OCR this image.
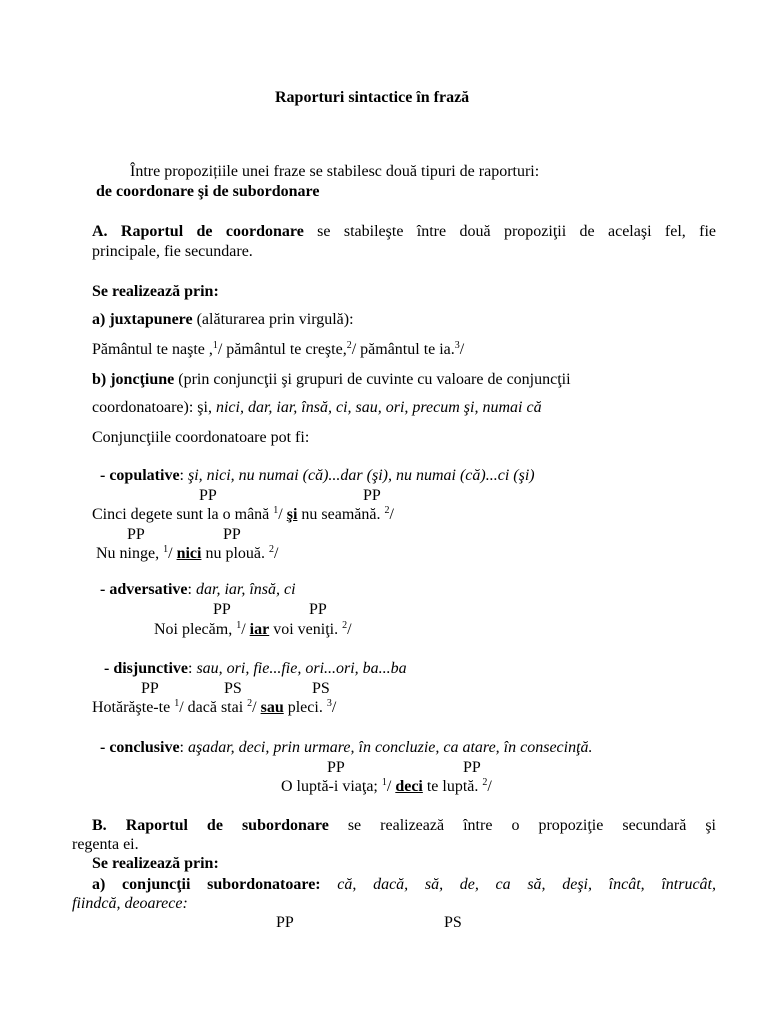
Raporturi sintactice în frază
Între propozițiile unei fraze se stabilesc două tipuri de raporturi:
de coordonare şi de subordonare
A. Raportul de coordonare se stabileşte între două propoziţii de acelaşi fel, fie
principale, fie secundare.
Se realizează prin:
a) juxtapunere (alăturarea prin virgulă):
Pământul te naşte ,$^1$/ pământul te creşte,$^2$/ pământul te ia.$^3$/
b) joncţiune (prin conjuncţii şi grupuri de cuvinte cu valoare de conjuncţii
coordonatoare): şi, nici, dar, iar, însă, ci, sau, ori, precum şi, numai că
Conjuncţiile coordonatoare pot fi:
- copulative: şi, nici, nu numai (că)...dar (şi), nu numai (că)...ci (şi)
PP	PP
Cinci degete sunt la o mână $^1$/ şi nu seamănă. $^2$/
PP	PP
Nu ninge, $^1$/ nici nu plouă. $^2$/
- adversative: dar, iar, însă, ci
PP	PP
Noi plecăm, $^1$/ iar voi veniţi. $^2$/
- disjunctive: sau, ori, fie...fie, ori...ori, ba...ba
PP	PS	PS
Hotărăşte-te $^1$/ dacă stai $^2$/ sau pleci. $^3$/
- conclusive: aşadar, deci, prin urmare, în concluzie, ca atare, în consecinţă.
PP	PP
O luptă-i viaţa; $^1$/ deci te luptă. $^2$/
B. Raportul de subordonare se realizează între o propoziţie secundară şi
regenta ei.
Se realizează prin:
a) conjuncţii subordonatoare: că, dacă, să, de, ca să, deşi, încât, întrucât,
fiindcă, deoarece:
PP	PS
